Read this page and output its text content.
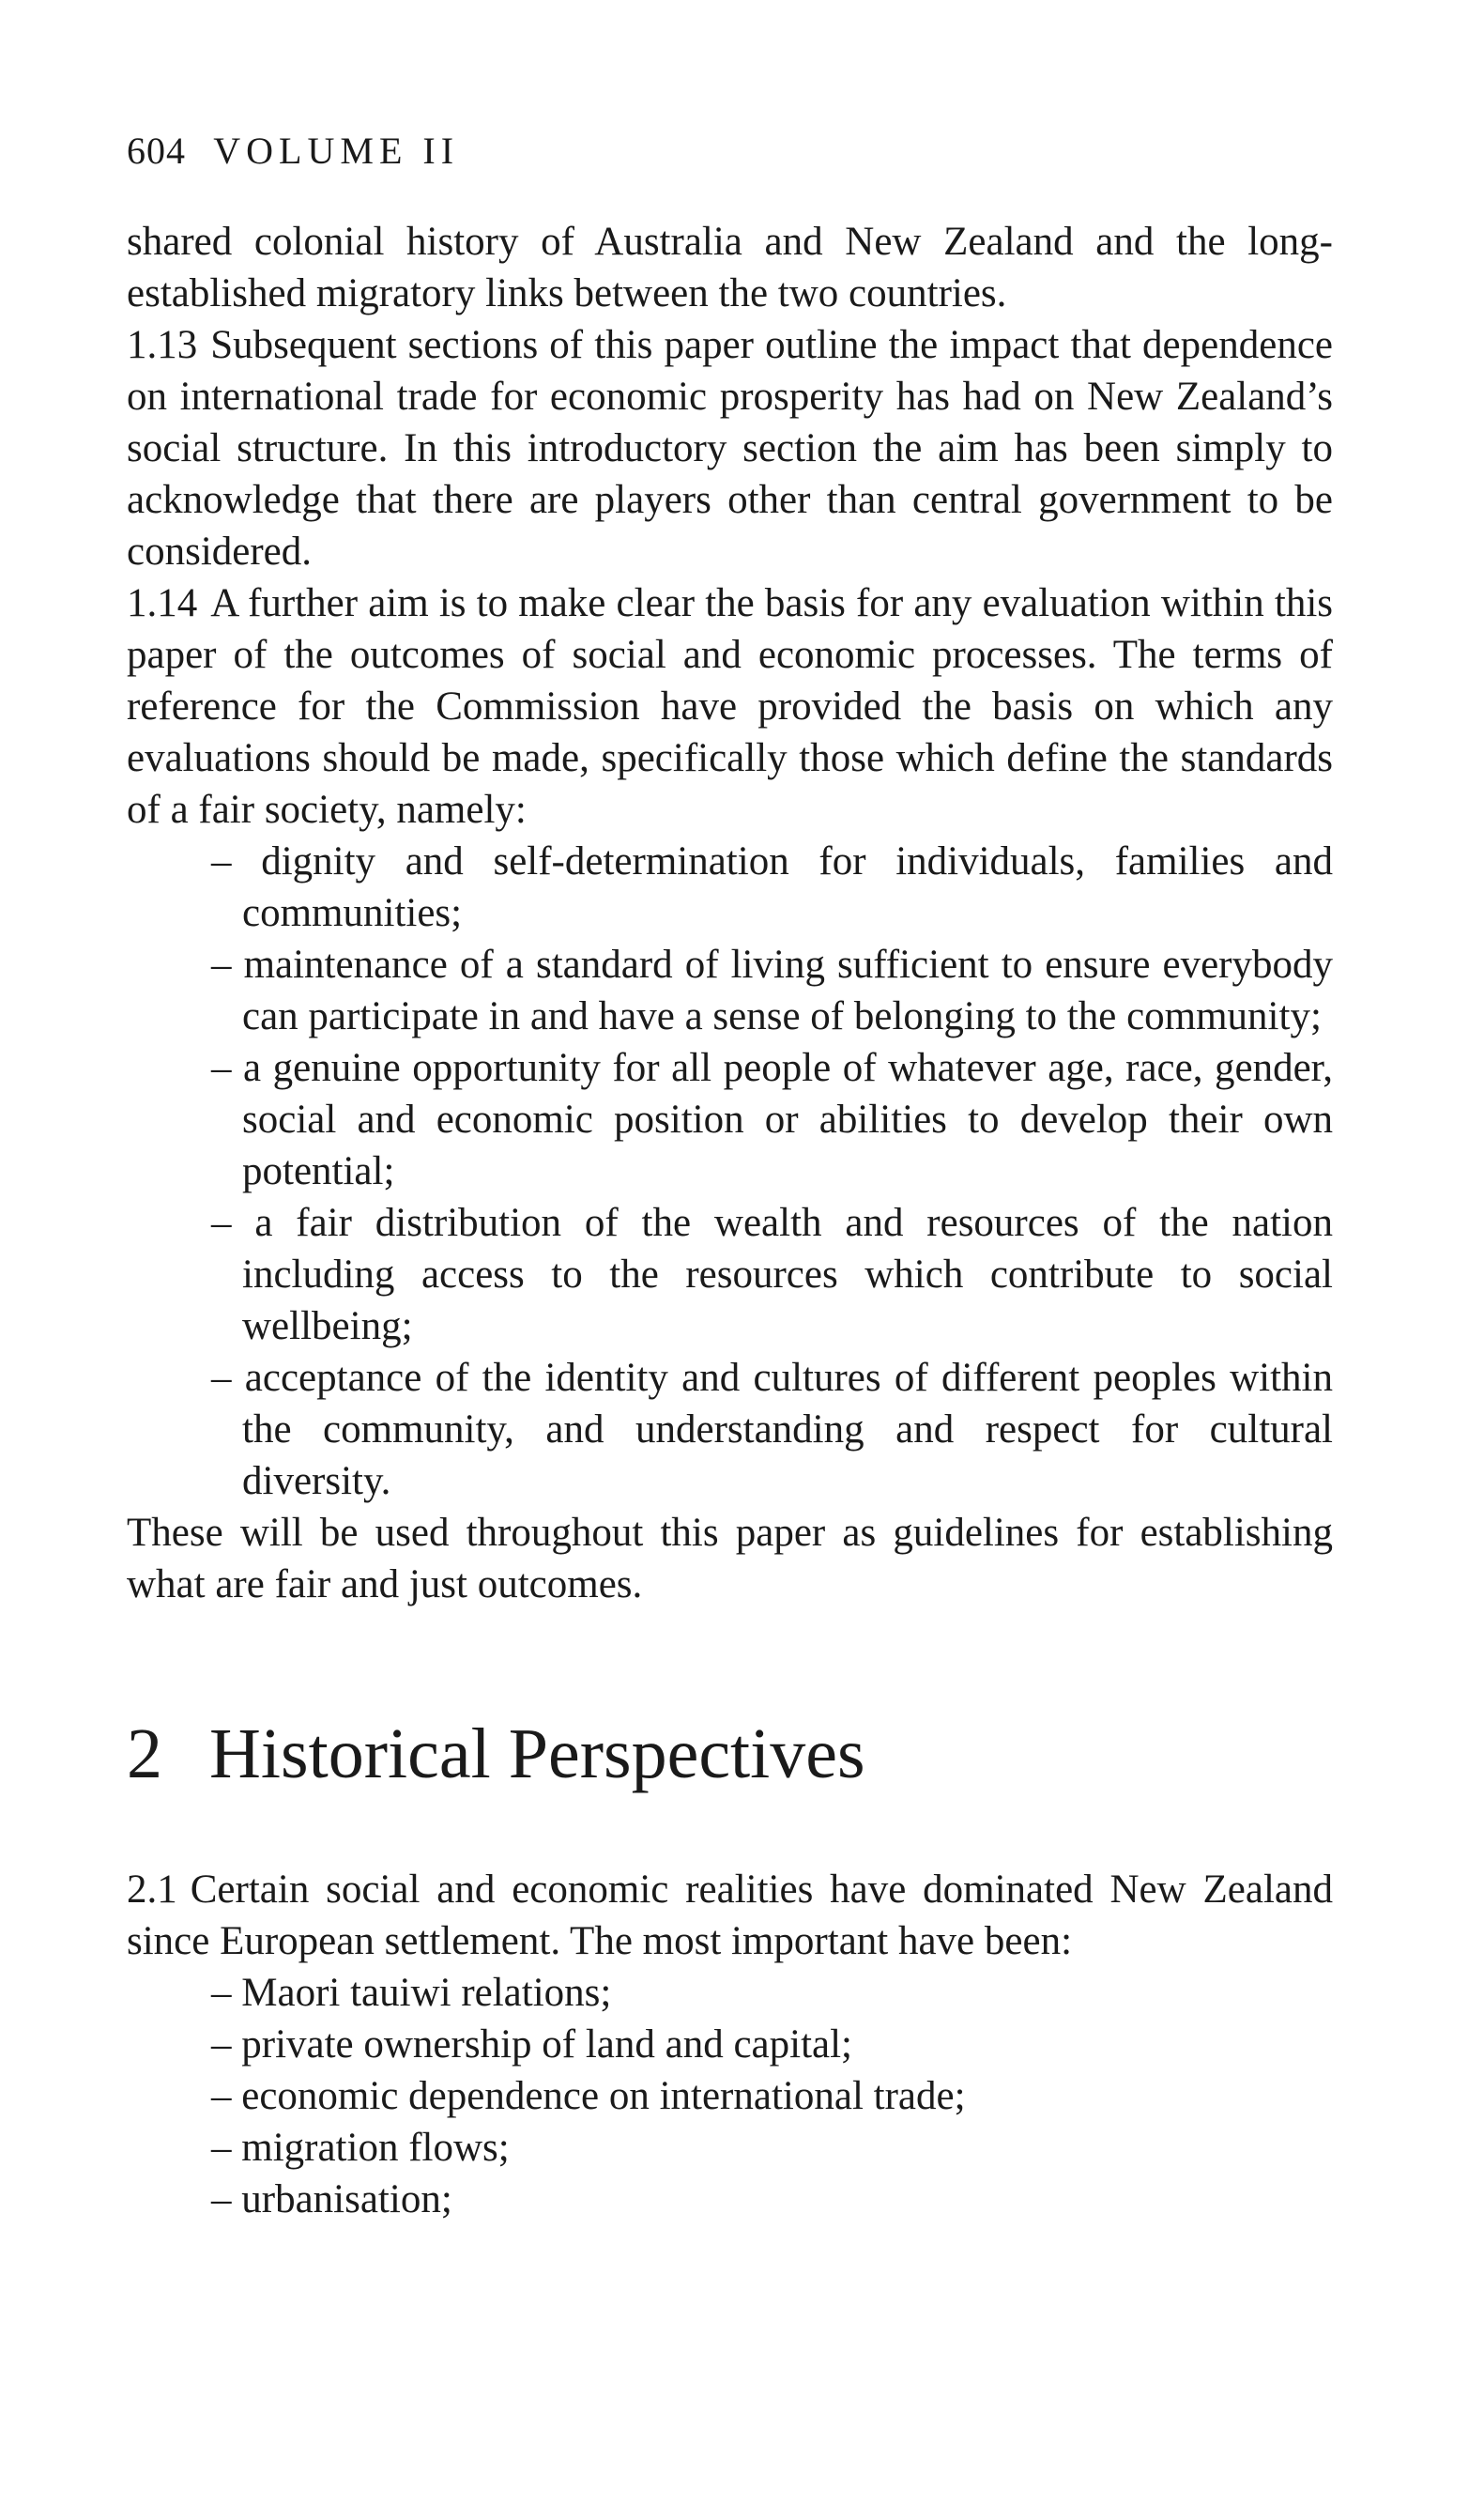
604 VOLUME II

shared colonial history of Australia and New Zealand and the long-established migratory links between the two countries.

1.13 Subsequent sections of this paper outline the impact that dependence on international trade for economic prosperity has had on New Zealand’s social structure. In this introductory section the aim has been simply to acknowledge that there are players other than central government to be considered.

1.14 A further aim is to make clear the basis for any evaluation within this paper of the outcomes of social and economic processes. The terms of reference for the Commission have provided the basis on which any evaluations should be made, specifically those which define the standards of a fair society, namely:

– dignity and self-determination for individuals, families and communities;
– maintenance of a standard of living sufficient to ensure everybody can participate in and have a sense of belonging to the community;
– a genuine opportunity for all people of whatever age, race, gender, social and economic position or abilities to develop their own potential;
– a fair distribution of the wealth and resources of the nation including access to the resources which contribute to social wellbeing;
– acceptance of the identity and cultures of different peoples within the community, and understanding and respect for cultural diversity.

These will be used throughout this paper as guidelines for establishing what are fair and just outcomes.

2 Historical Perspectives

2.1 Certain social and economic realities have dominated New Zealand since European settlement. The most important have been:

– Maori tauiwi relations;
– private ownership of land and capital;
– economic dependence on international trade;
– migration flows;
– urbanisation;
